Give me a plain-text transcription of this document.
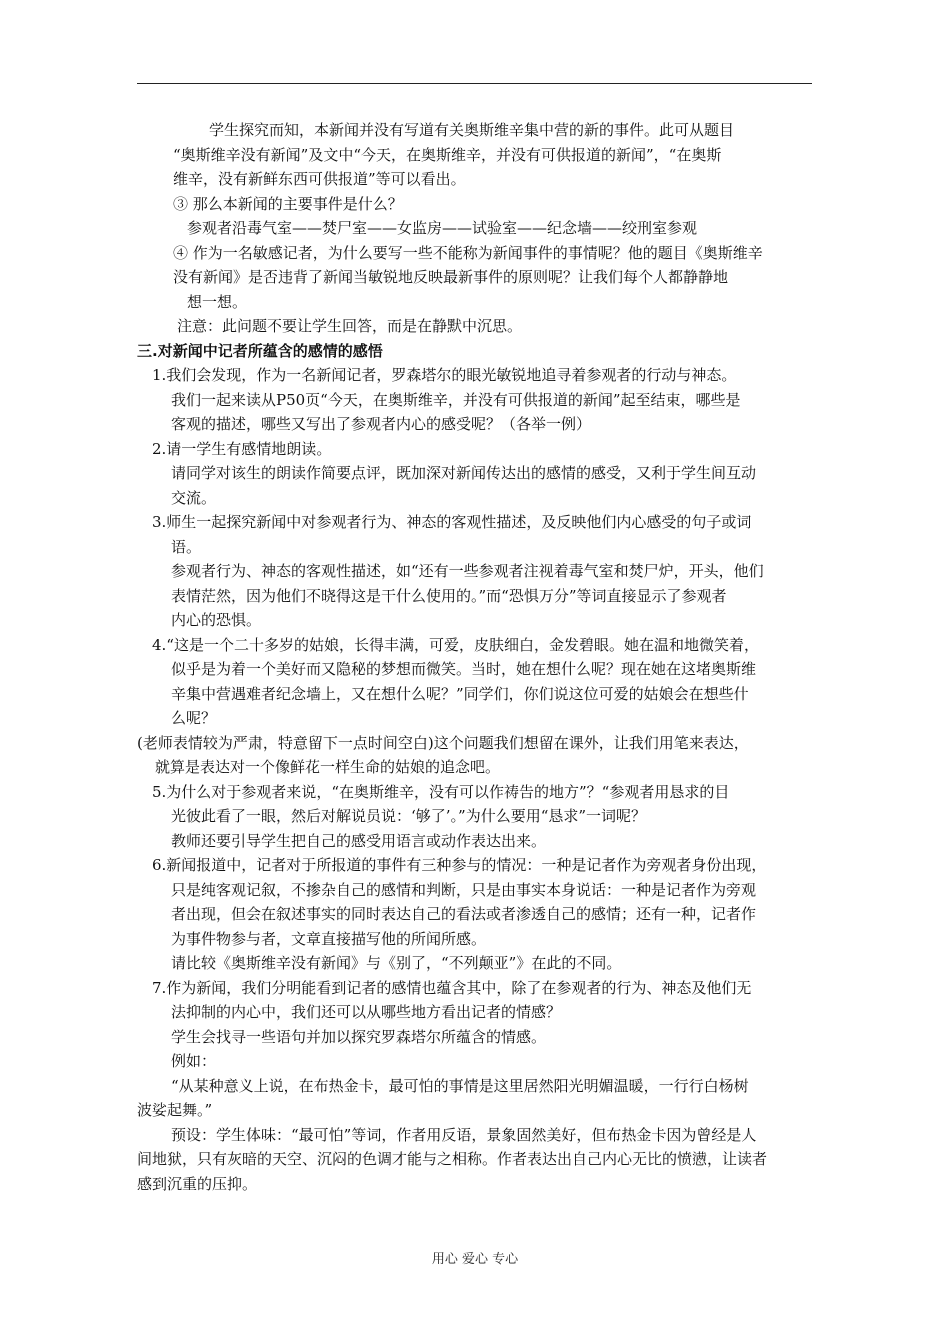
学生探究而知，本新闻并没有写道有关奥斯维辛集中营的新的事件。此可从题目

“奥斯维辛没有新闻”及文中“今天，在奥斯维辛，并没有可供报道的新闻”，“在奥斯

维辛，没有新鲜东西可供报道”等可以看出。

③ 那么本新闻的主要事件是什么？

参观者沿毒气室——焚尸室——女监房——试验室——纪念墙——绞刑室参观

④ 作为一名敏感记者，为什么要写一些不能称为新闻事件的事情呢？他的题目《奥斯维辛

没有新闻》是否违背了新闻当敏锐地反映最新事件的原则呢？让我们每个人都静静地

想一想。

注意：此问题不要让学生回答，而是在静默中沉思。

三.对新闻中记者所蕴含的感情的感悟

1.我们会发现，作为一名新闻记者，罗森塔尔的眼光敏锐地追寻着参观者的行动与神态。

我们一起来读从P50页“今天，在奥斯维辛，并没有可供报道的新闻”起至结束，哪些是

客观的描述，哪些又写出了参观者内心的感受呢？（各举一例）

2.请一学生有感情地朗读。

请同学对该生的朗读作简要点评，既加深对新闻传达出的感情的感受，又利于学生间互动

交流。

3.师生一起探究新闻中对参观者行为、神态的客观性描述，及反映他们内心感受的句子或词

语。

参观者行为、神态的客观性描述，如“还有一些参观者注视着毒气室和焚尸炉，开头，他们

表情茫然，因为他们不晓得这是干什么使用的。”而“恐惧万分”等词直接显示了参观者

内心的恐惧。

4.“这是一个二十多岁的姑娘，长得丰满，可爱，皮肤细白，金发碧眼。她在温和地微笑着，

似乎是为着一个美好而又隐秘的梦想而微笑。当时，她在想什么呢？现在她在这堵奥斯维

辛集中营遇难者纪念墙上，又在想什么呢？”同学们，你们说这位可爱的姑娘会在想些什

么呢？

(老师表情较为严肃，特意留下一点时间空白)这个问题我们想留在课外，让我们用笔来表达，

就算是表达对一个像鲜花一样生命的姑娘的追念吧。

5.为什么对于参观者来说，“在奥斯维辛，没有可以作祷告的地方”？“参观者用恳求的目

光彼此看了一眼，然后对解说员说：‘够了’。”为什么要用“恳求”一词呢？

教师还要引导学生把自己的感受用语言或动作表达出来。

6.新闻报道中，记者对于所报道的事件有三种参与的情况：一种是记者作为旁观者身份出现，

只是纯客观记叙，不掺杂自己的感情和判断，只是由事实本身说话：一种是记者作为旁观

者出现，但会在叙述事实的同时表达自己的看法或者渗透自己的感情；还有一种，记者作

为事件物参与者，文章直接描写他的所闻所感。

请比较《奥斯维辛没有新闻》与《别了，“不列颠亚”》在此的不同。

7.作为新闻，我们分明能看到记者的感情也蕴含其中，除了在参观者的行为、神态及他们无

法抑制的内心中，我们还可以从哪些地方看出记者的情感？

学生会找寻一些语句并加以探究罗森塔尔所蕴含的情感。

例如：

“从某种意义上说，在布热金卡，最可怕的事情是这里居然阳光明媚温暖，一行行白杨树

波娑起舞。”

预设：学生体味：“最可怕”等词，作者用反语，景象固然美好，但布热金卡因为曾经是人

间地狱，只有灰暗的天空、沉闷的色调才能与之相称。作者表达出自己内心无比的愤懑，让读者

感到沉重的压抑。

用心 爱心 专心
